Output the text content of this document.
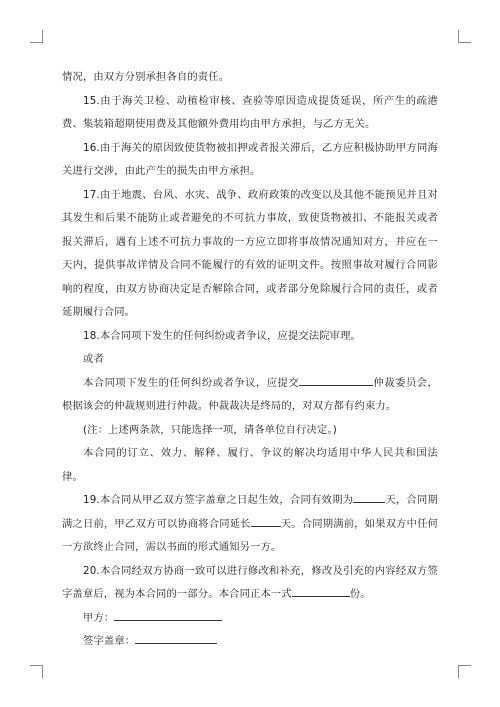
情况，由双方分别承担各自的责任。

15.由于海关卫检、动植检审核、查验等原因造成提货延误，所产生的疏港费、集装箱超期使用费及其他额外费用均由甲方承担，与乙方无关。

16.由于海关的原因致使货物被扣押或者报关滞后，乙方应积极协助甲方同海关进行交涉，由此产生的损失由甲方承担。

17.由于地震、台风、水灾、战争、政府政策的改变以及其他不能预见并且对其发生和后果不能防止或者避免的不可抗力事故，致使货物被扣、不能报关或者报关滞后，遇有上述不可抗力事故的一方应立即将事故情况通知对方，并应在一天内，提供事故详情及合同不能履行的有效的证明文件。按照事故对履行合同影响的程度，由双方协商决定是否解除合同，或者部分免除履行合同的责任，或者延期履行合同。

18.本合同项下发生的任何纠纷或者争议，应提交法院审理。

或者

本合同项下发生的任何纠纷或者争议，应提交	仲裁委员会，根据该会的仲裁规则进行仲裁。仲裁裁决是终局的，对双方都有约束力。

(注：上述两条款，只能选择一项，请各单位自行决定。)

本合同的订立、效力、解释、履行、争议的解决均适用中华人民共和国法律。

19.本合同从甲乙双方签字盖章之日起生效，合同有效期为	天，合同期满之日前，甲乙双方可以协商将合同延长	天。合同期满前，如果双方中任何一方欲终止合同，需以书面的形式通知另一方。

20.本合同经双方协商一致可以进行修改和补充，修改及引充的内容经双方签字盖章后，视为本合同的一部分。本合同正本一式	份。

甲方：

签字盖章：
